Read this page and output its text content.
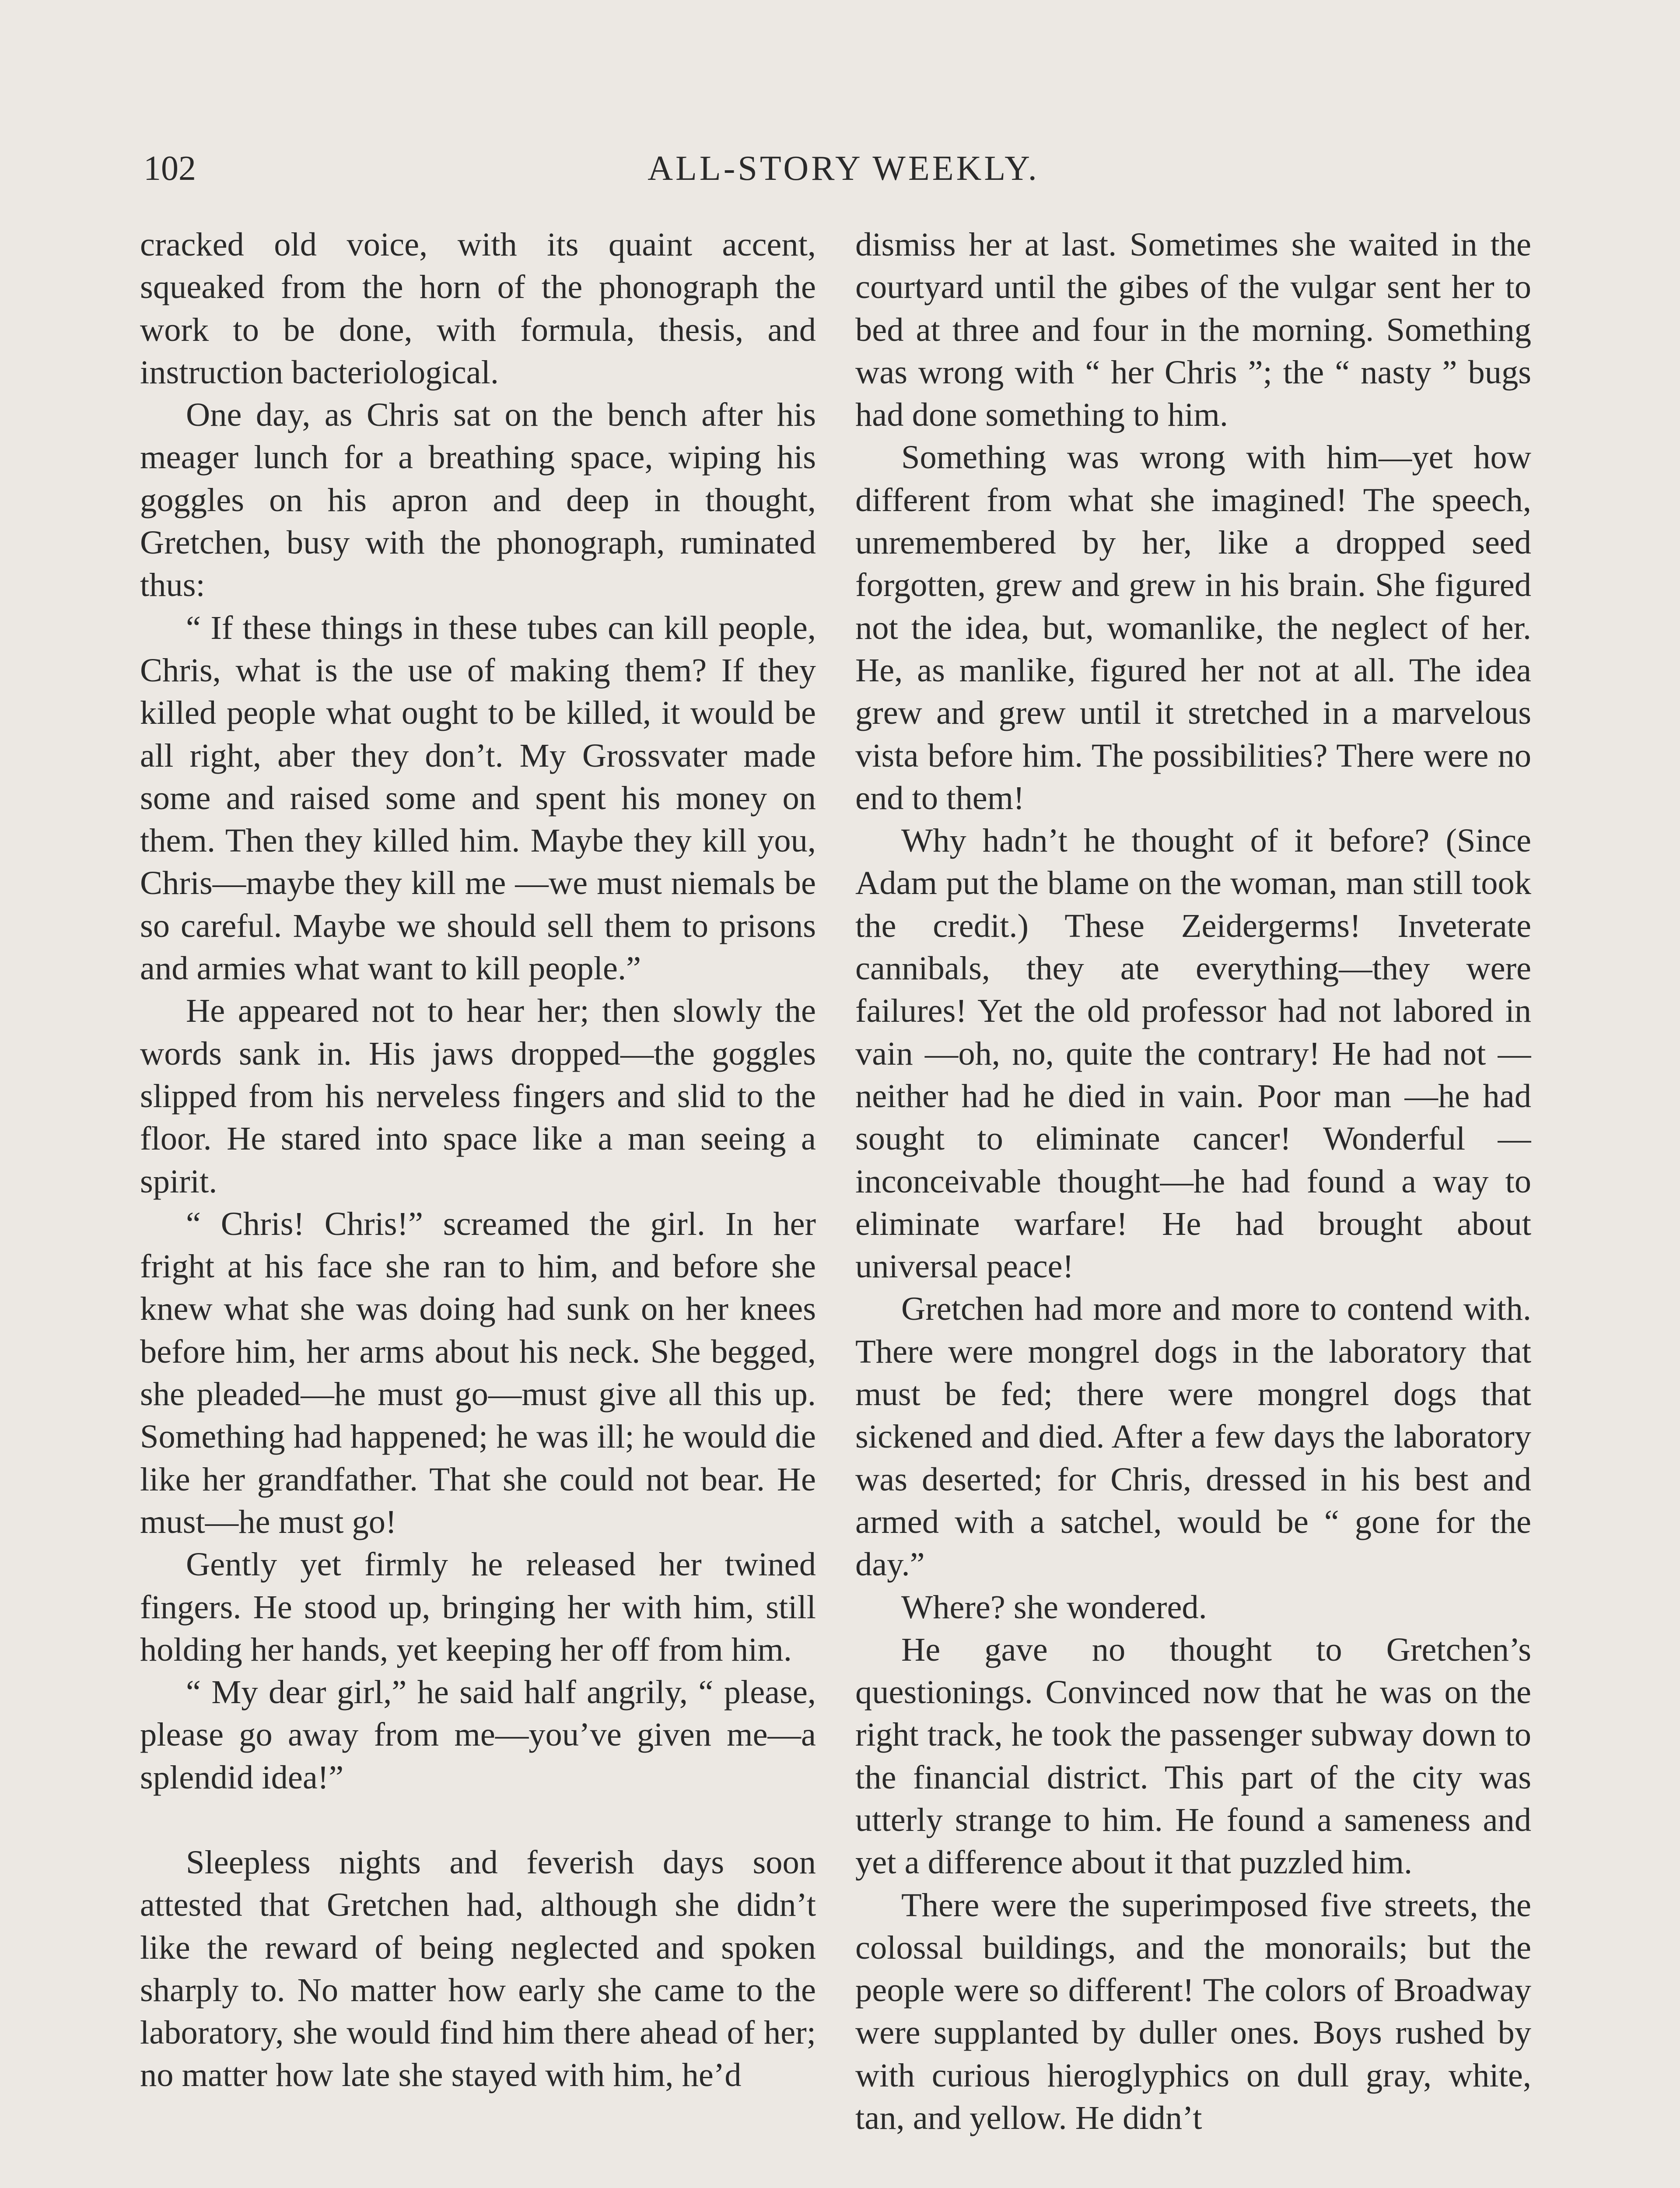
102	ALL-STORY WEEKLY.

cracked old voice, with its quaint accent, squeaked from the horn of the phonograph the work to be done, with formula, thesis, and instruction bacteriological.

One day, as Chris sat on the bench after his meager lunch for a breathing space, wiping his goggles on his apron and deep in thought, Gretchen, busy with the phonograph, ruminated thus:

“ If these things in these tubes can kill people, Chris, what is the use of making them? If they killed people what ought to be killed, it would be all right, aber they don’t. My Grossvater made some and raised some and spent his money on them. Then they killed him. Maybe they kill you, Chris—maybe they kill me —we must niemals be so careful. Maybe we should sell them to prisons and armies what want to kill people.”

He appeared not to hear her; then slowly the words sank in. His jaws dropped—the goggles slipped from his nerveless fingers and slid to the floor. He stared into space like a man seeing a spirit.

“ Chris! Chris!” screamed the girl. In her fright at his face she ran to him, and before she knew what she was doing had sunk on her knees before him, her arms about his neck. She begged, she pleaded—he must go—must give all this up. Something had happened; he was ill; he would die like her grandfather. That she could not bear. He must—he must go!

Gently yet firmly he released her twined fingers. He stood up, bringing her with him, still holding her hands, yet keeping her off from him.

“ My dear girl,” he said half angrily, “ please, please go away from me—you’ve given me—a splendid idea!”

Sleepless nights and feverish days soon attested that Gretchen had, although she didn’t like the reward of being neglected and spoken sharply to. No matter how early she came to the laboratory, she would find him there ahead of her; no matter how late she stayed with him, he’d

dismiss her at last. Sometimes she waited in the courtyard until the gibes of the vulgar sent her to bed at three and four in the morning. Something was wrong with “ her Chris ”; the “ nasty ” bugs had done something to him.

Something was wrong with him—yet how different from what she imagined! The speech, unremembered by her, like a dropped seed forgotten, grew and grew in his brain. She figured not the idea, but, womanlike, the neglect of her. He, as manlike, figured her not at all. The idea grew and grew until it stretched in a marvelous vista before him. The possibilities? There were no end to them!

Why hadn’t he thought of it before? (Since Adam put the blame on the woman, man still took the credit.) These Zeidergerms! Inveterate cannibals, they ate everything—they were failures! Yet the old professor had not labored in vain —oh, no, quite the contrary! He had not —neither had he died in vain. Poor man —he had sought to eliminate cancer! Wonderful — inconceivable thought—he had found a way to eliminate warfare! He had brought about universal peace!

Gretchen had more and more to contend with. There were mongrel dogs in the laboratory that must be fed; there were mongrel dogs that sickened and died. After a few days the laboratory was deserted; for Chris, dressed in his best and armed with a satchel, would be “ gone for the day.”

Where? she wondered.

He gave no thought to Gretchen’s questionings. Convinced now that he was on the right track, he took the passenger subway down to the financial district. This part of the city was utterly strange to him. He found a sameness and yet a difference about it that puzzled him.

There were the superimposed five streets, the colossal buildings, and the monorails; but the people were so different! The colors of Broadway were supplanted by duller ones. Boys rushed by with curious hieroglyphics on dull gray, white, tan, and yellow. He didn’t
